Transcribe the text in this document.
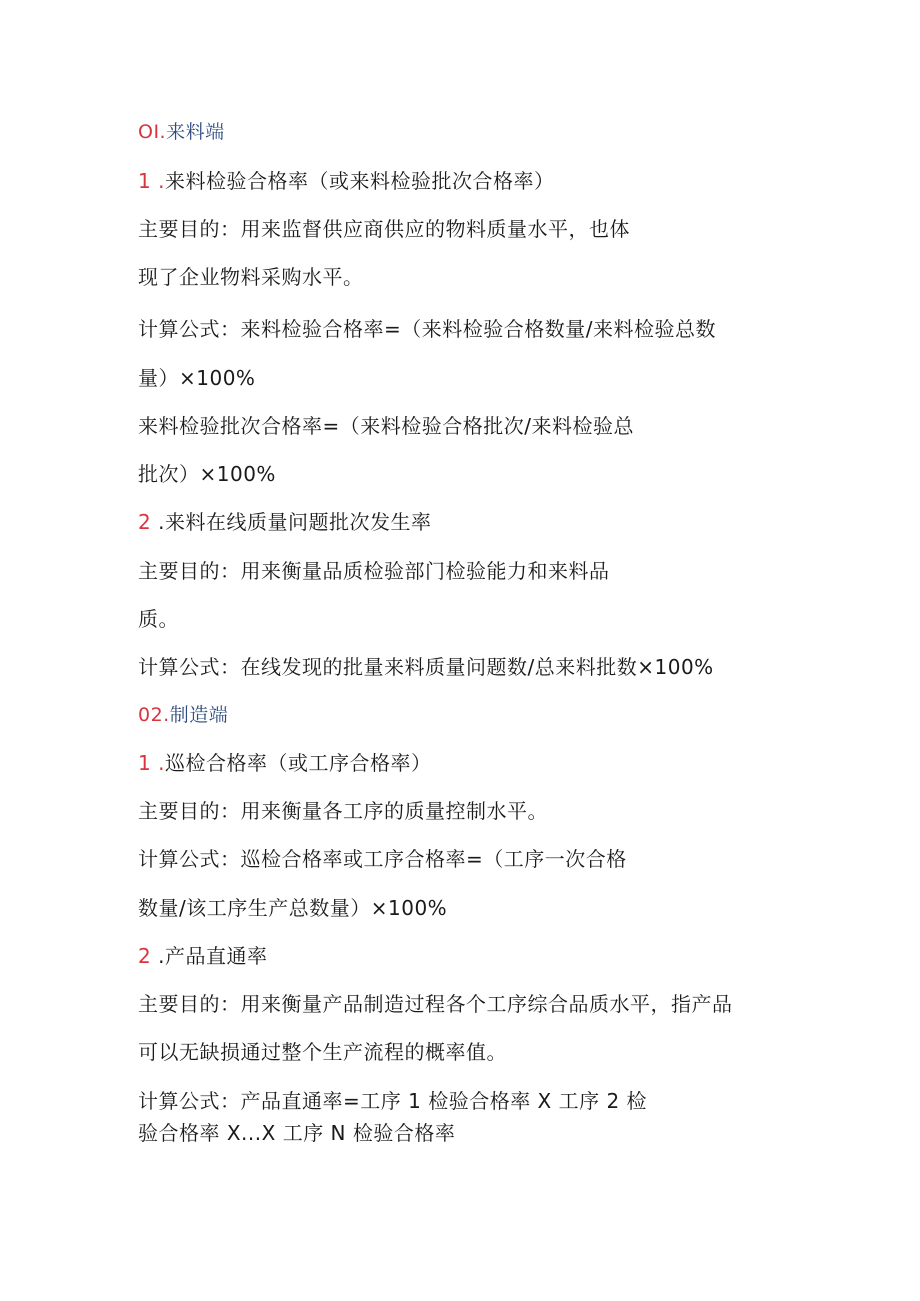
OI.来料端
1 .来料检验合格率（或来料检验批次合格率）
主要目的：用来监督供应商供应的物料质量水平，也体
现了企业物料采购水平。
计算公式：来料检验合格率=（来料检验合格数量/来料检验总数
量）×100%
来料检验批次合格率=（来料检验合格批次/来料检验总
批次）×100%
2 .来料在线质量问题批次发生率
主要目的：用来衡量品质检验部门检验能力和来料品
质。
计算公式：在线发现的批量来料质量问题数/总来料批数×100%
02.制造端
1 .巡检合格率（或工序合格率）
主要目的：用来衡量各工序的质量控制水平。
计算公式：巡检合格率或工序合格率=（工序一次合格
数量/该工序生产总数量）×100%
2 .产品直通率
主要目的：用来衡量产品制造过程各个工序综合品质水平，指产品
可以无缺损通过整个生产流程的概率值。
计算公式：产品直通率=工序 1 检验合格率 X 工序 2 检
验合格率 X...X 工序 N 检验合格率
